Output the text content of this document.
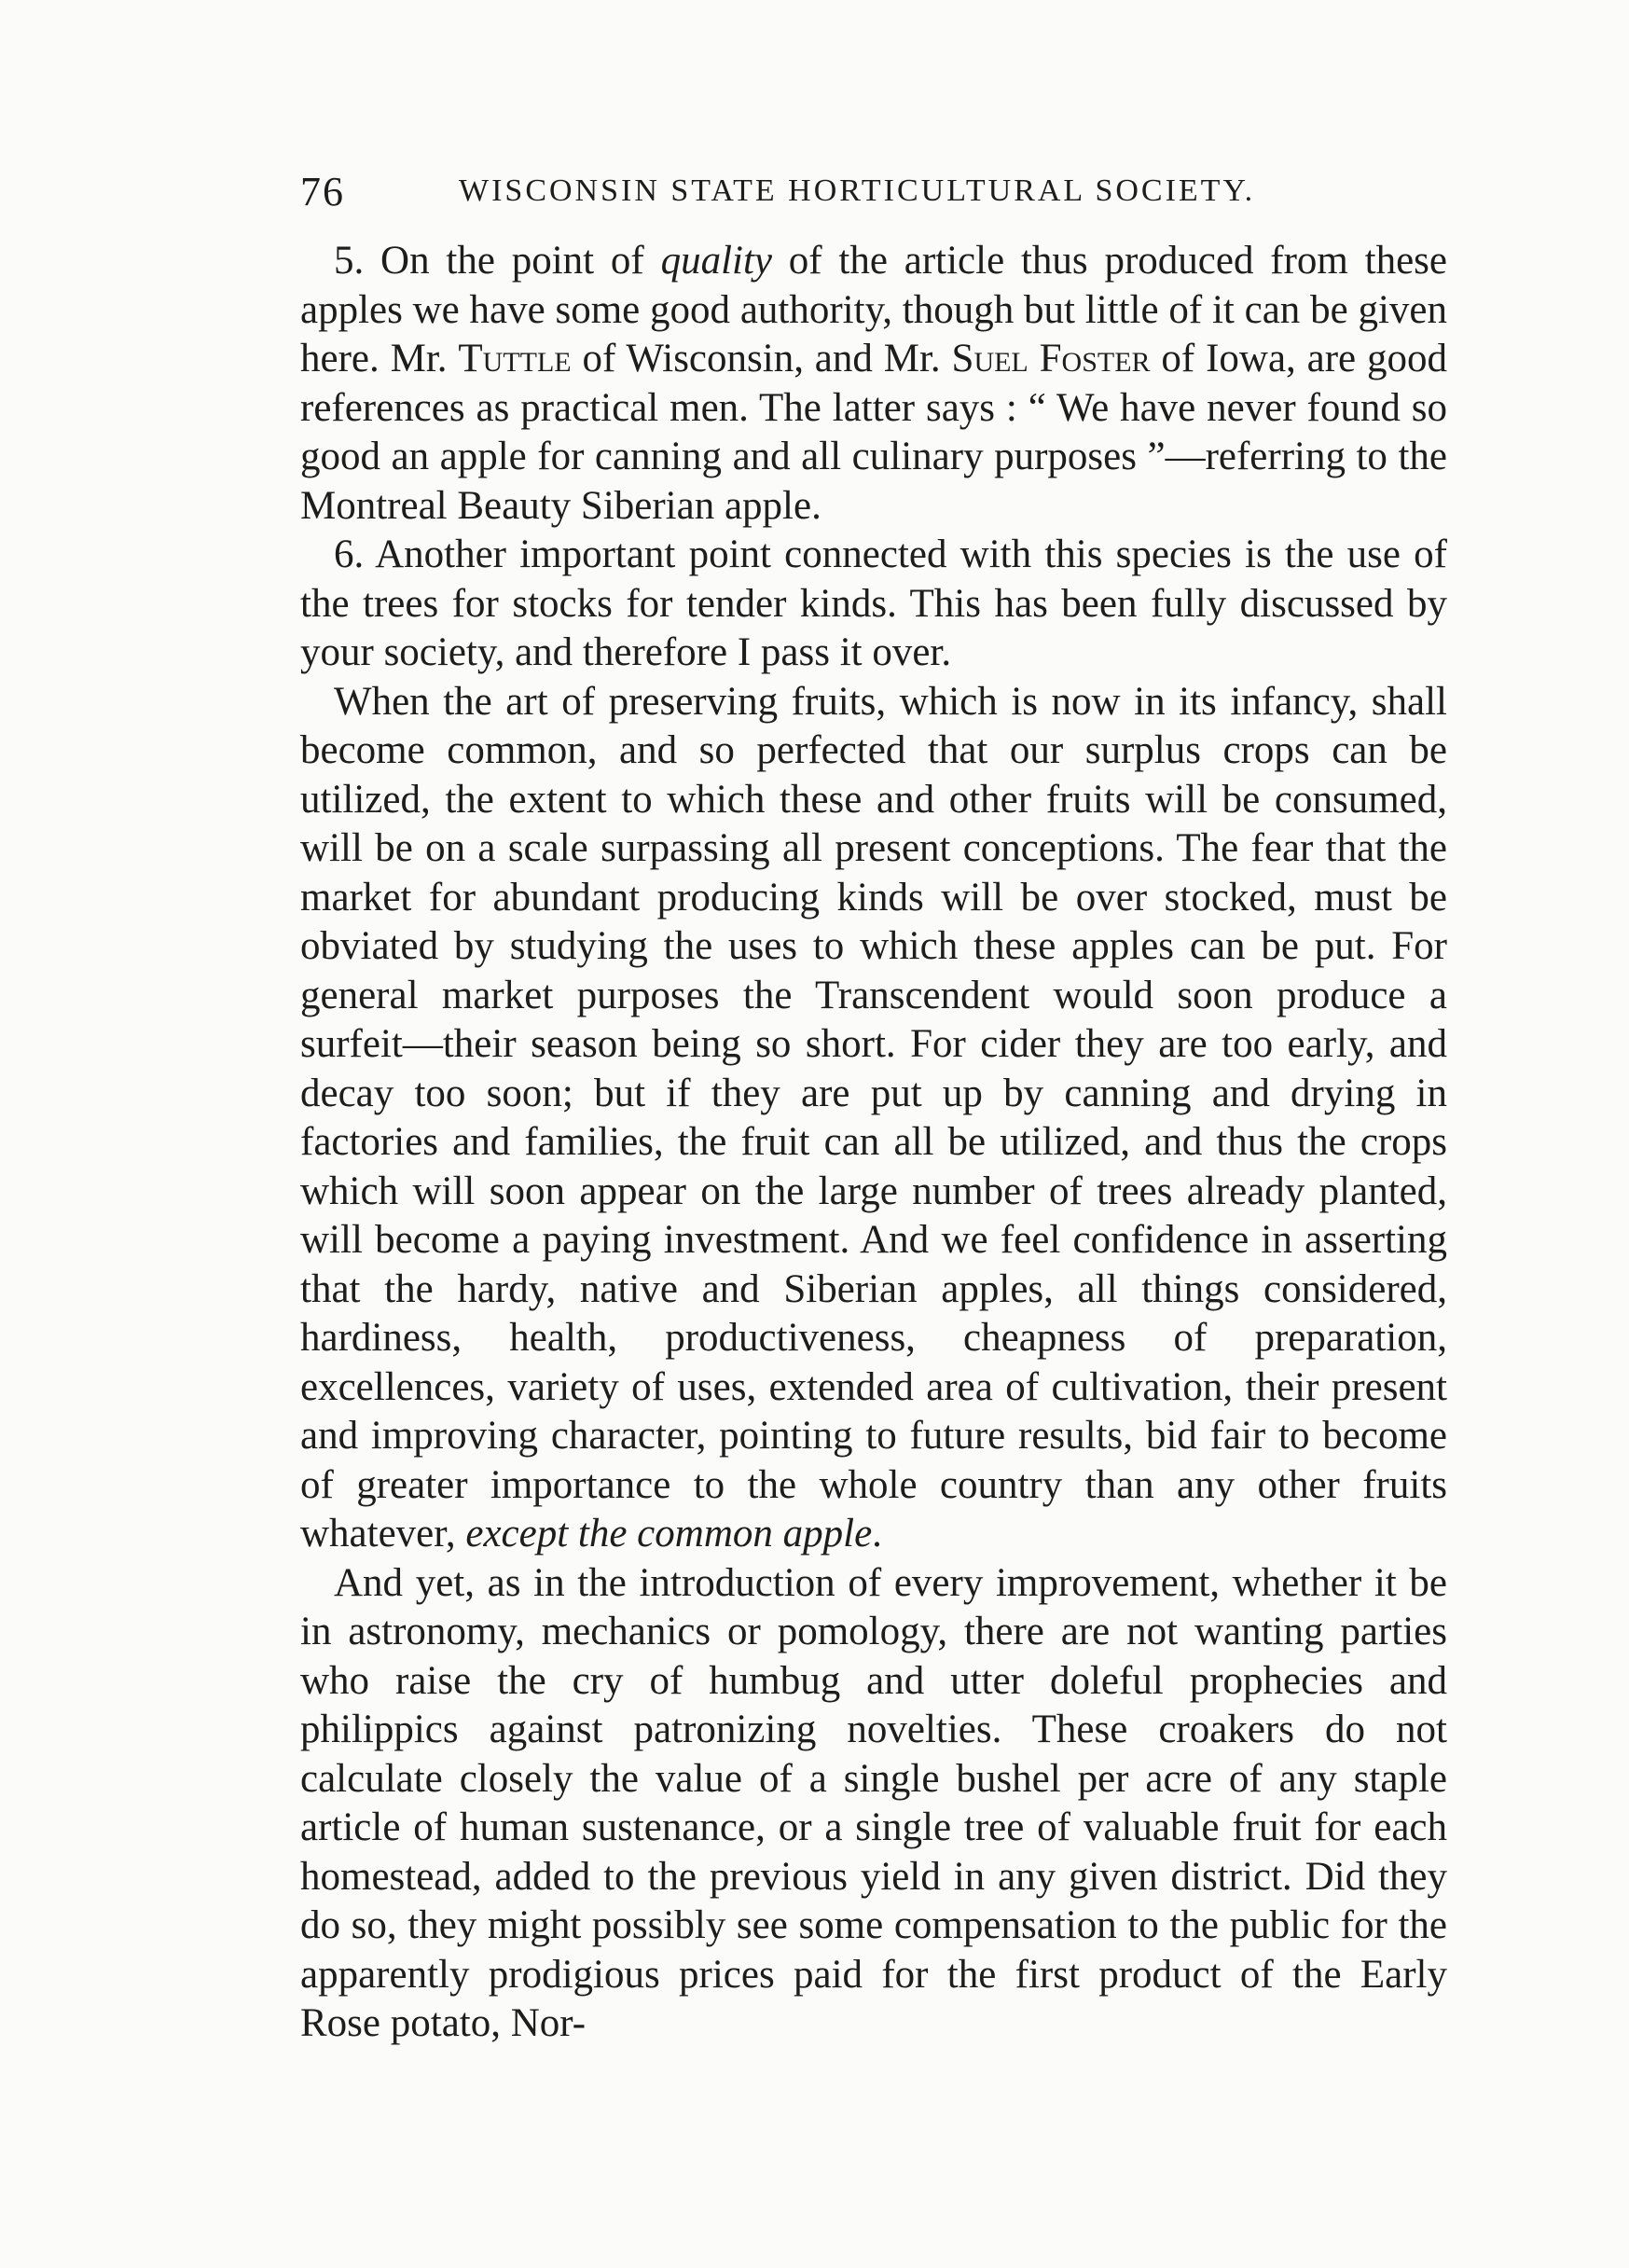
76	WISCONSIN STATE HORTICULTURAL SOCIETY.

5. On the point of quality of the article thus produced from these apples we have some good authority, though but little of it can be given here. Mr. Tuttle of Wisconsin, and Mr. Suel Foster of Iowa, are good references as practical men. The latter says : “ We have never found so good an apple for canning and all culinary purposes ”—referring to the Montreal Beauty Siberian apple.

6. Another important point connected with this species is the use of the trees for stocks for tender kinds. This has been fully discussed by your society, and therefore I pass it over.

When the art of preserving fruits, which is now in its infancy, shall become common, and so perfected that our surplus crops can be utilized, the extent to which these and other fruits will be consumed, will be on a scale surpassing all present conceptions. The fear that the market for abundant producing kinds will be over stocked, must be obviated by studying the uses to which these apples can be put. For general market purposes the Transcendent would soon produce a surfeit—their season being so short. For cider they are too early, and decay too soon; but if they are put up by canning and drying in factories and families, the fruit can all be utilized, and thus the crops which will soon appear on the large number of trees already planted, will become a paying investment. And we feel confidence in asserting that the hardy, native and Siberian apples, all things considered, hardiness, health, productiveness, cheapness of preparation, excellences, variety of uses, extended area of cultivation, their present and improving character, pointing to future results, bid fair to become of greater importance to the whole country than any other fruits whatever, except the common apple.

And yet, as in the introduction of every improvement, whether it be in astronomy, mechanics or pomology, there are not wanting parties who raise the cry of humbug and utter doleful prophecies and philippics against patronizing novelties. These croakers do not calculate closely the value of a single bushel per acre of any staple article of human sustenance, or a single tree of valuable fruit for each homestead, added to the previous yield in any given district. Did they do so, they might possibly see some compensation to the public for the apparently prodigious prices paid for the first product of the Early Rose potato, Nor-
